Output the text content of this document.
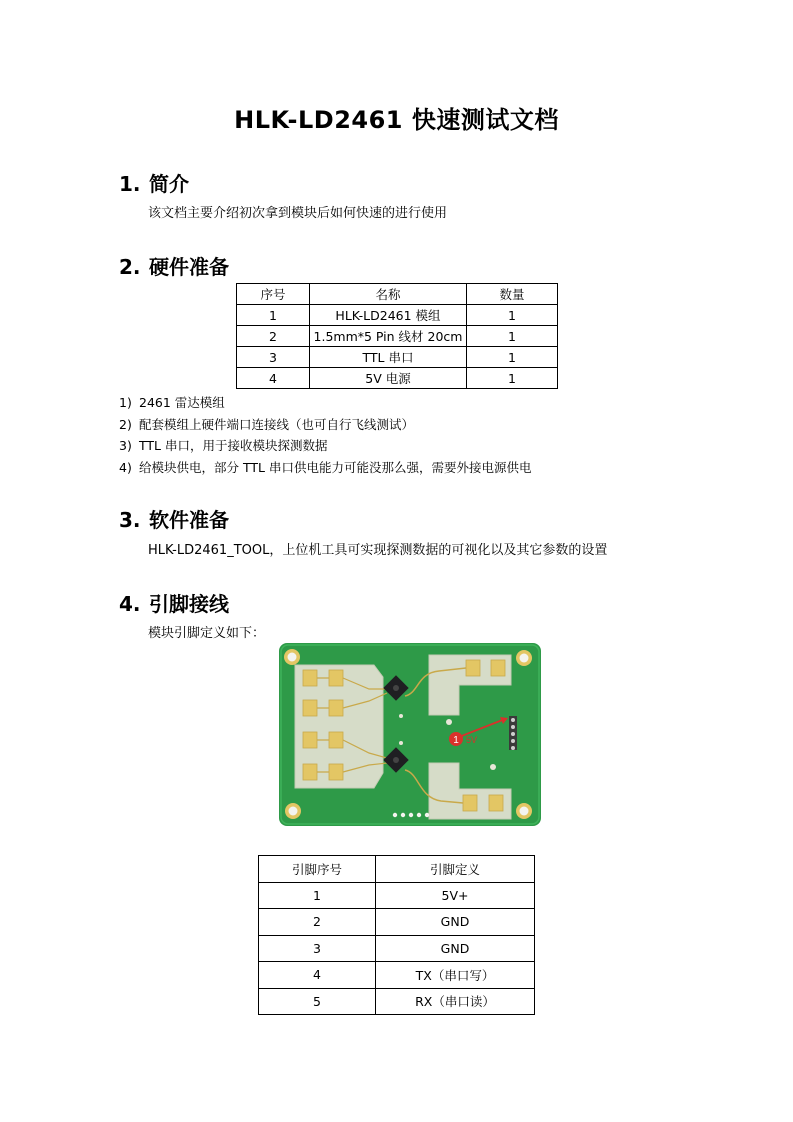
HLK-LD2461 快速测试文档
1. 简介
该文档主要介绍初次拿到模块后如何快速的进行使用
2. 硬件准备
序号	名称	数量
1	HLK-LD2461 模组	1
2	1.5mm*5 Pin 线材 20cm	1
3	TTL 串口	1
4	5V 电源	1
1) 2461 雷达模组
2) 配套模组上硬件端口连接线（也可自行飞线测试）
3) TTL 串口，用于接收模块探测数据
4) 给模块供电，部分 TTL 串口供电能力可能没那么强，需要外接电源供电
3. 软件准备
HLK-LD2461_TOOL，上位机工具可实现探测数据的可视化以及其它参数的设置
4. 引脚接线
模块引脚定义如下：
1 5V
引脚序号	引脚定义
1	5V+
2	GND
3	GND
4	TX（串口写）
5	RX（串口读）
